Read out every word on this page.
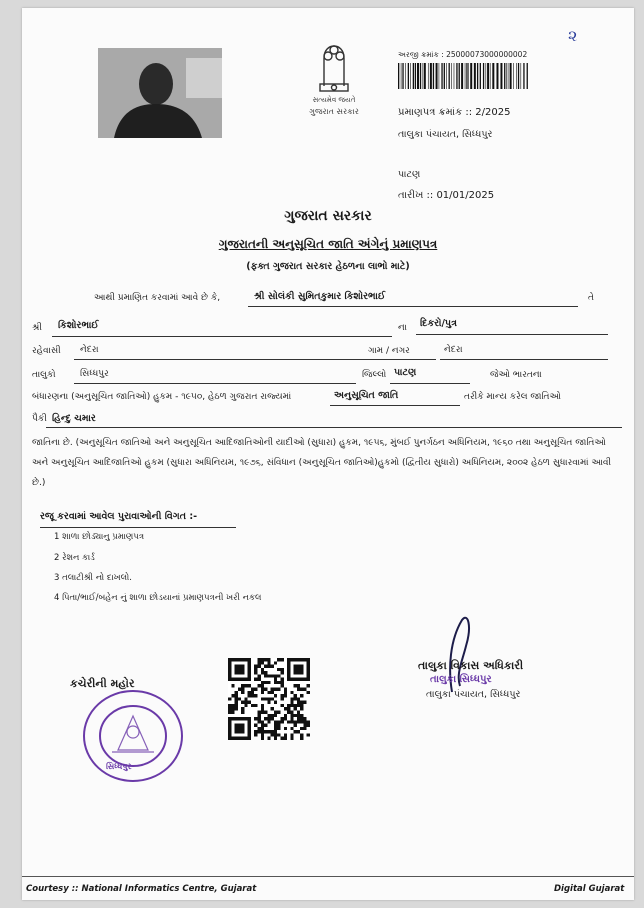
૨
સત્યમેવ જયતે
ગુજરાત સરકાર
અરજી ક્રમાંક : 25000073000000002
પ્રમાણપત્ર ક્રમાંક :: 2/2025
તાલુકા પંચાયત, સિધ્ધપુર
પાટણ
તારીખ :: 01/01/2025
ગુજરાત સરકાર
ગુજરાતની અનુસૂચિત જાતિ અંગેનું પ્રમાણપત્ર
(ફક્ત ગુજરાત સરકાર હેઠળના લાભો માટે)
આથી પ્રમાણિત કરવામાં આવે છે કે,	શ્રી સોલંકી સુમિતકુમાર કિશોરભાઈ	તે
શ્રી કિશોરભાઈ	ના દિકરો/પુત્ર
રહેવાસી નેદરા	ગામ / નગર	નેદરા
તાલુકો	સિધ્ધપુર	જિલ્લો પાટણ	જેઓ ભારતના
બંધારણના (અનુસૂચિત જાતિઓ) હુકમ - ૧૯૫૦, હેઠળ ગુજરાત રાજ્યમાં	અનુસૂચિત જાતિ	તરીકે માન્ય કરેલ જાતિઓ
પૈકી હિન્દુ ચમાર
જાતિના છે. (અનુસૂચિત જાતિઓ અને અનુસૂચિત આદિજાતિઓની યાદીઓ (સુધારા) હુકમ, ૧૯૫૬, મુંબઈ પુનર્ગઠન અધિનિયમ, ૧૯૬૦ તથા અનુસૂચિત જાતિઓ અને અનુસૂચિત આદિજાતિઓ હુકમ (સુધારા અધિનિયમ, ૧૯૭૬, સંવિધાન (અનુસૂચિત જાતિઓ)હુકમો (દ્વિતીય સુધારો) અધિનિયમ, ૨૦૦૨ હેઠળ સુધારવામાં આવી છે.)
રજૂ કરવામાં આવેલ પુરાવાઓની વિગત :-
1 શાળા છોડ્યાનુ પ્રમાણપત્ર
2 રેશન કાર્ડ
3 તલાટીશ્રી નો દાખલો.
4 પિતા/ભાઈ/બહેન નું શાળા છોડયાનાં પ્રમાણપત્રની ખરી નકલ
કચેરીની મહોર
સિધ્ધપુર
તાલુકા વિકાસ અધિકારી
તાલુકા સિધ્ધપુર
તાલુકા પંચાયત, સિધ્ધપુર
Courtesy :: National Informatics Centre, Gujarat	Digital Gujarat
